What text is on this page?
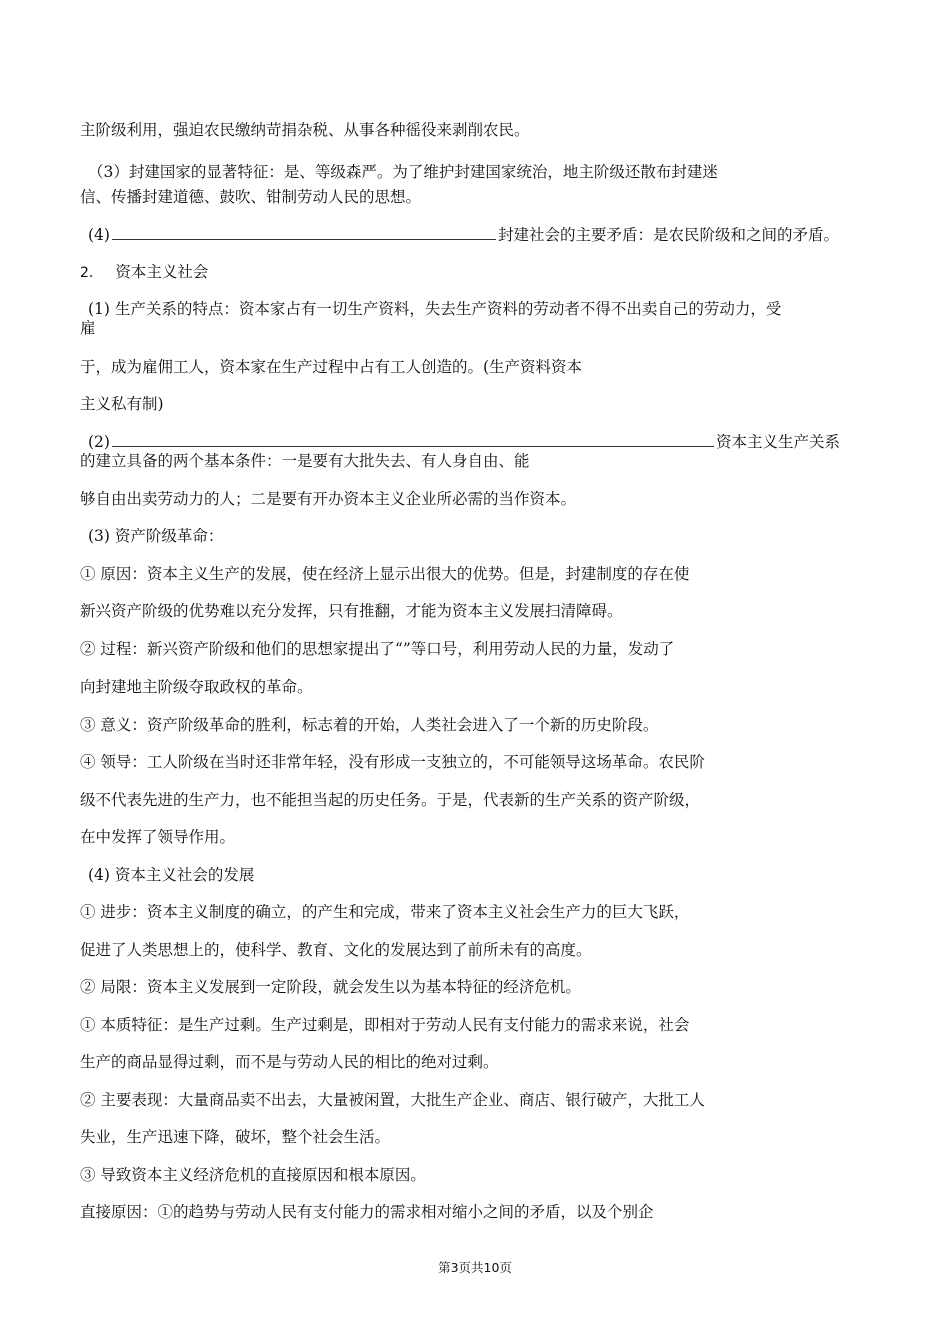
主阶级利用，强迫农民缴纳苛捐杂税、从事各种徭役来剥削农民。
（3）封建国家的显著特征：是、等级森严。为了维护封建国家统治，地主阶级还散布封建迷
信、传播封建道德、鼓吹、钳制劳动人民的思想。
(4)	封建社会的主要矛盾：是农民阶级和之间的矛盾。
2. 资本主义社会
(1) 生产关系的特点：资本家占有一切生产资料，失去生产资料的劳动者不得不出卖自己的劳动力，受
雇
于，成为雇佣工人，资本家在生产过程中占有工人创造的。(生产资料资本
主义私有制)
(2)	资本主义生产关系
的建立具备的两个基本条件：一是要有大批失去、有人身自由、能
够自由出卖劳动力的人；二是要有开办资本主义企业所必需的当作资本。
(3) 资产阶级革命：
① 原因：资本主义生产的发展，使在经济上显示出很大的优势。但是，封建制度的存在使
新兴资产阶级的优势难以充分发挥，只有推翻，才能为资本主义发展扫清障碍。
② 过程：新兴资产阶级和他们的思想家提出了“”等口号，利用劳动人民的力量，发动了
向封建地主阶级夺取政权的革命。
③ 意义：资产阶级革命的胜利，标志着的开始，人类社会进入了一个新的历史阶段。
④ 领导：工人阶级在当时还非常年轻，没有形成一支独立的，不可能领导这场革命。农民阶
级不代表先进的生产力，也不能担当起的历史任务。于是，代表新的生产关系的资产阶级，
在中发挥了领导作用。
(4) 资本主义社会的发展
① 进步：资本主义制度的确立，的产生和完成，带来了资本主义社会生产力的巨大飞跃，
促进了人类思想上的，使科学、教育、文化的发展达到了前所未有的高度。
② 局限：资本主义发展到一定阶段，就会发生以为基本特征的经济危机。
① 本质特征：是生产过剩。生产过剩是，即相对于劳动人民有支付能力的需求来说，社会
生产的商品显得过剩，而不是与劳动人民的相比的绝对过剩。
② 主要表现：大量商品卖不出去，大量被闲置，大批生产企业、商店、银行破产，大批工人
失业，生产迅速下降，破坏，整个社会生活。
③ 导致资本主义经济危机的直接原因和根本原因。
直接原因：①的趋势与劳动人民有支付能力的需求相对缩小之间的矛盾，以及个别企
第3页共10页
